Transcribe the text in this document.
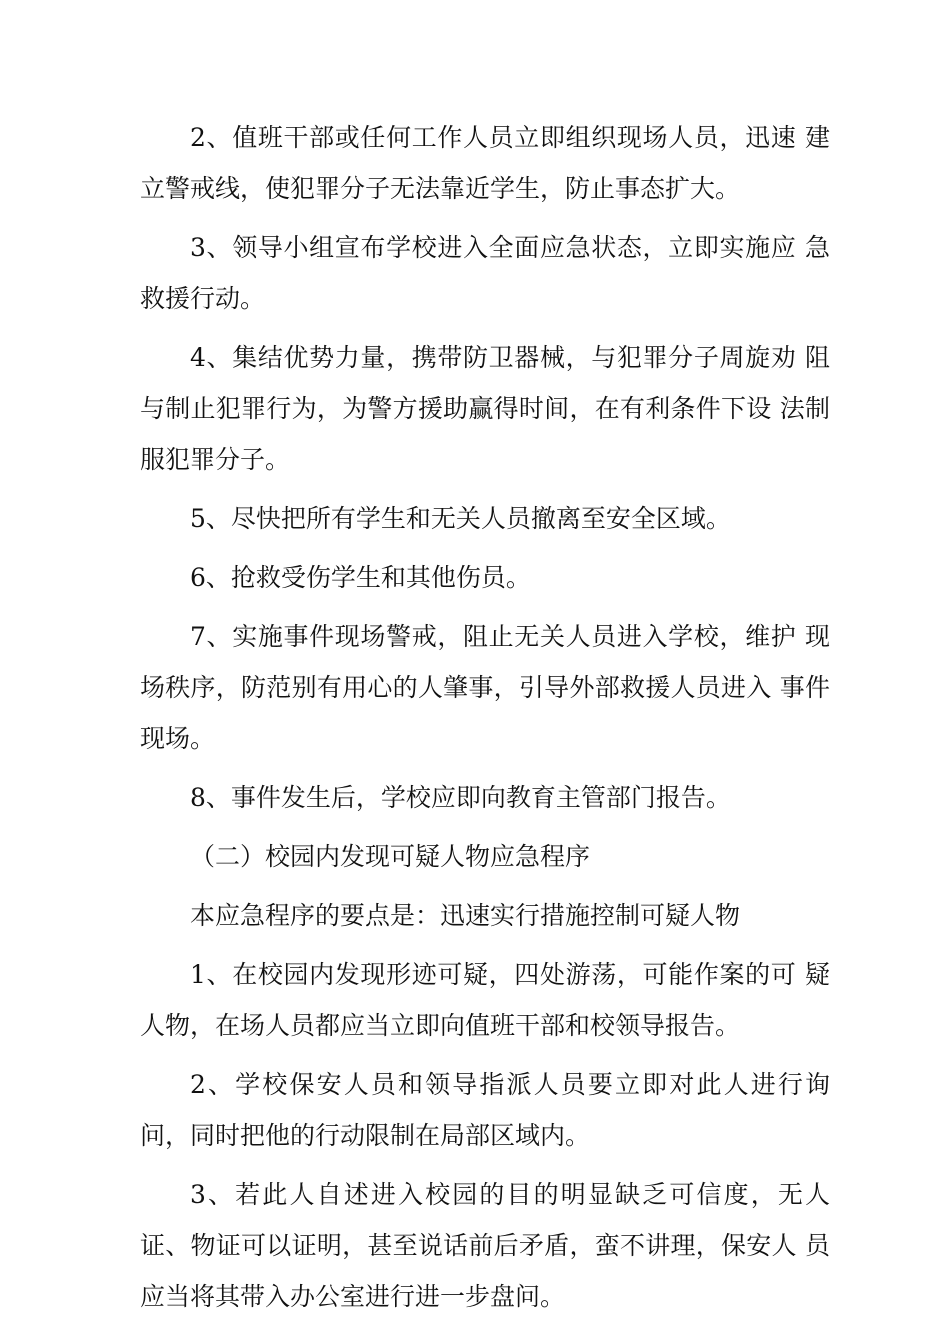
2、值班干部或任何工作人员立即组织现场人员，迅速 建立警戒线，使犯罪分子无法靠近学生，防止事态扩大。

3、领导小组宣布学校进入全面应急状态，立即实施应 急救援行动。

4、集结优势力量，携带防卫器械，与犯罪分子周旋劝 阻与制止犯罪行为，为警方援助赢得时间，在有利条件下设 法制服犯罪分子。

5、尽快把所有学生和无关人员撤离至安全区域。

6、抢救受伤学生和其他伤员。

7、实施事件现场警戒，阻止无关人员进入学校，维护 现场秩序，防范别有用心的人肇事，引导外部救援人员进入 事件现场。

8、事件发生后，学校应即向教育主管部门报告。

（二）校园内发现可疑人物应急程序

本应急程序的要点是：迅速实行措施控制可疑人物

1、在校园内发现形迹可疑，四处游荡，可能作案的可 疑人物，在场人员都应当立即向值班干部和校领导报告。

2、学校保安人员和领导指派人员要立即对此人进行询 问，同时把他的行动限制在局部区域内。

3、若此人自述进入校园的目的明显缺乏可信度，无人 证、物证可以证明，甚至说话前后矛盾，蛮不讲理，保安人 员应当将其带入办公室进行进一步盘问。
